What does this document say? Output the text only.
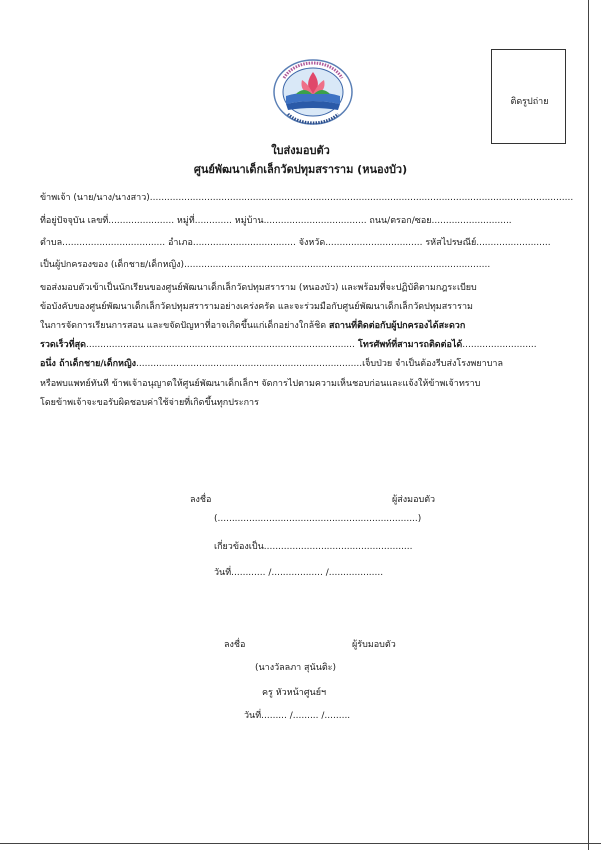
ติดรูปถ่าย
ใบส่งมอบตัว
ศูนย์พัฒนาเด็กเล็กวัดปทุมสราราม (หนองบัว)
ข้าพเจ้า (นาย/นาง/นางสาว)....................................................................................................................................................
ที่อยู่ปัจจุบัน เลขที่....................... หมู่ที่............. หมู่บ้าน.................................... ถนน/ตรอก/ซอย............................
ตำบล.................................... อำเภอ.................................... จังหวัด.................................. รหัสไปรษณีย์..........................
เป็นผู้ปกครองของ (เด็กชาย/เด็กหญิง)...........................................................................................................
ขอส่งมอบตัวเข้าเป็นนักเรียนของศูนย์พัฒนาเด็กเล็กวัดปทุมสราราม (หนองบัว) และพร้อมที่จะปฏิบัติตามกฎระเบียบ
ข้อบังคับของศูนย์พัฒนาเด็กเล็กวัดปทุมสรารามอย่างเคร่งครัด และจะร่วมมือกับศูนย์พัฒนาเด็กเล็กวัดปทุมสราราม
ในการจัดการเรียนการสอน และขจัดปัญหาที่อาจเกิดขึ้นแก่เด็กอย่างใกล้ชิด สถานที่ติดต่อกับผู้ปกครองได้สะดวก
รวดเร็วที่สุด.............................................................................................. โทรศัพท์ที่สามารถติดต่อได้..........................
อนึ่ง ถ้าเด็กชาย/เด็กหญิง...............................................................................เจ็บป่วย จำเป็นต้องรีบส่งโรงพยาบาล
หรือพบแพทย์ทันที ข้าพเจ้าอนุญาตให้ศูนย์พัฒนาเด็กเล็กฯ จัดการไปตามความเห็นชอบก่อนและแจ้งให้ข้าพเจ้าทราบ
โดยข้าพเจ้าจะขอรับผิดชอบค่าใช้จ่ายที่เกิดขึ้นทุกประการ
ลงชื่อ	ผู้ส่งมอบตัว
(......................................................................)
เกี่ยวข้องเป็น....................................................
วันที่............ /.................. /...................
ลงชื่อ	ผู้รับมอบตัว
(นางวัลลภา สุนันติะ)
ครู หัวหน้าศูนย์ฯ
วันที่......... /......... /.........
